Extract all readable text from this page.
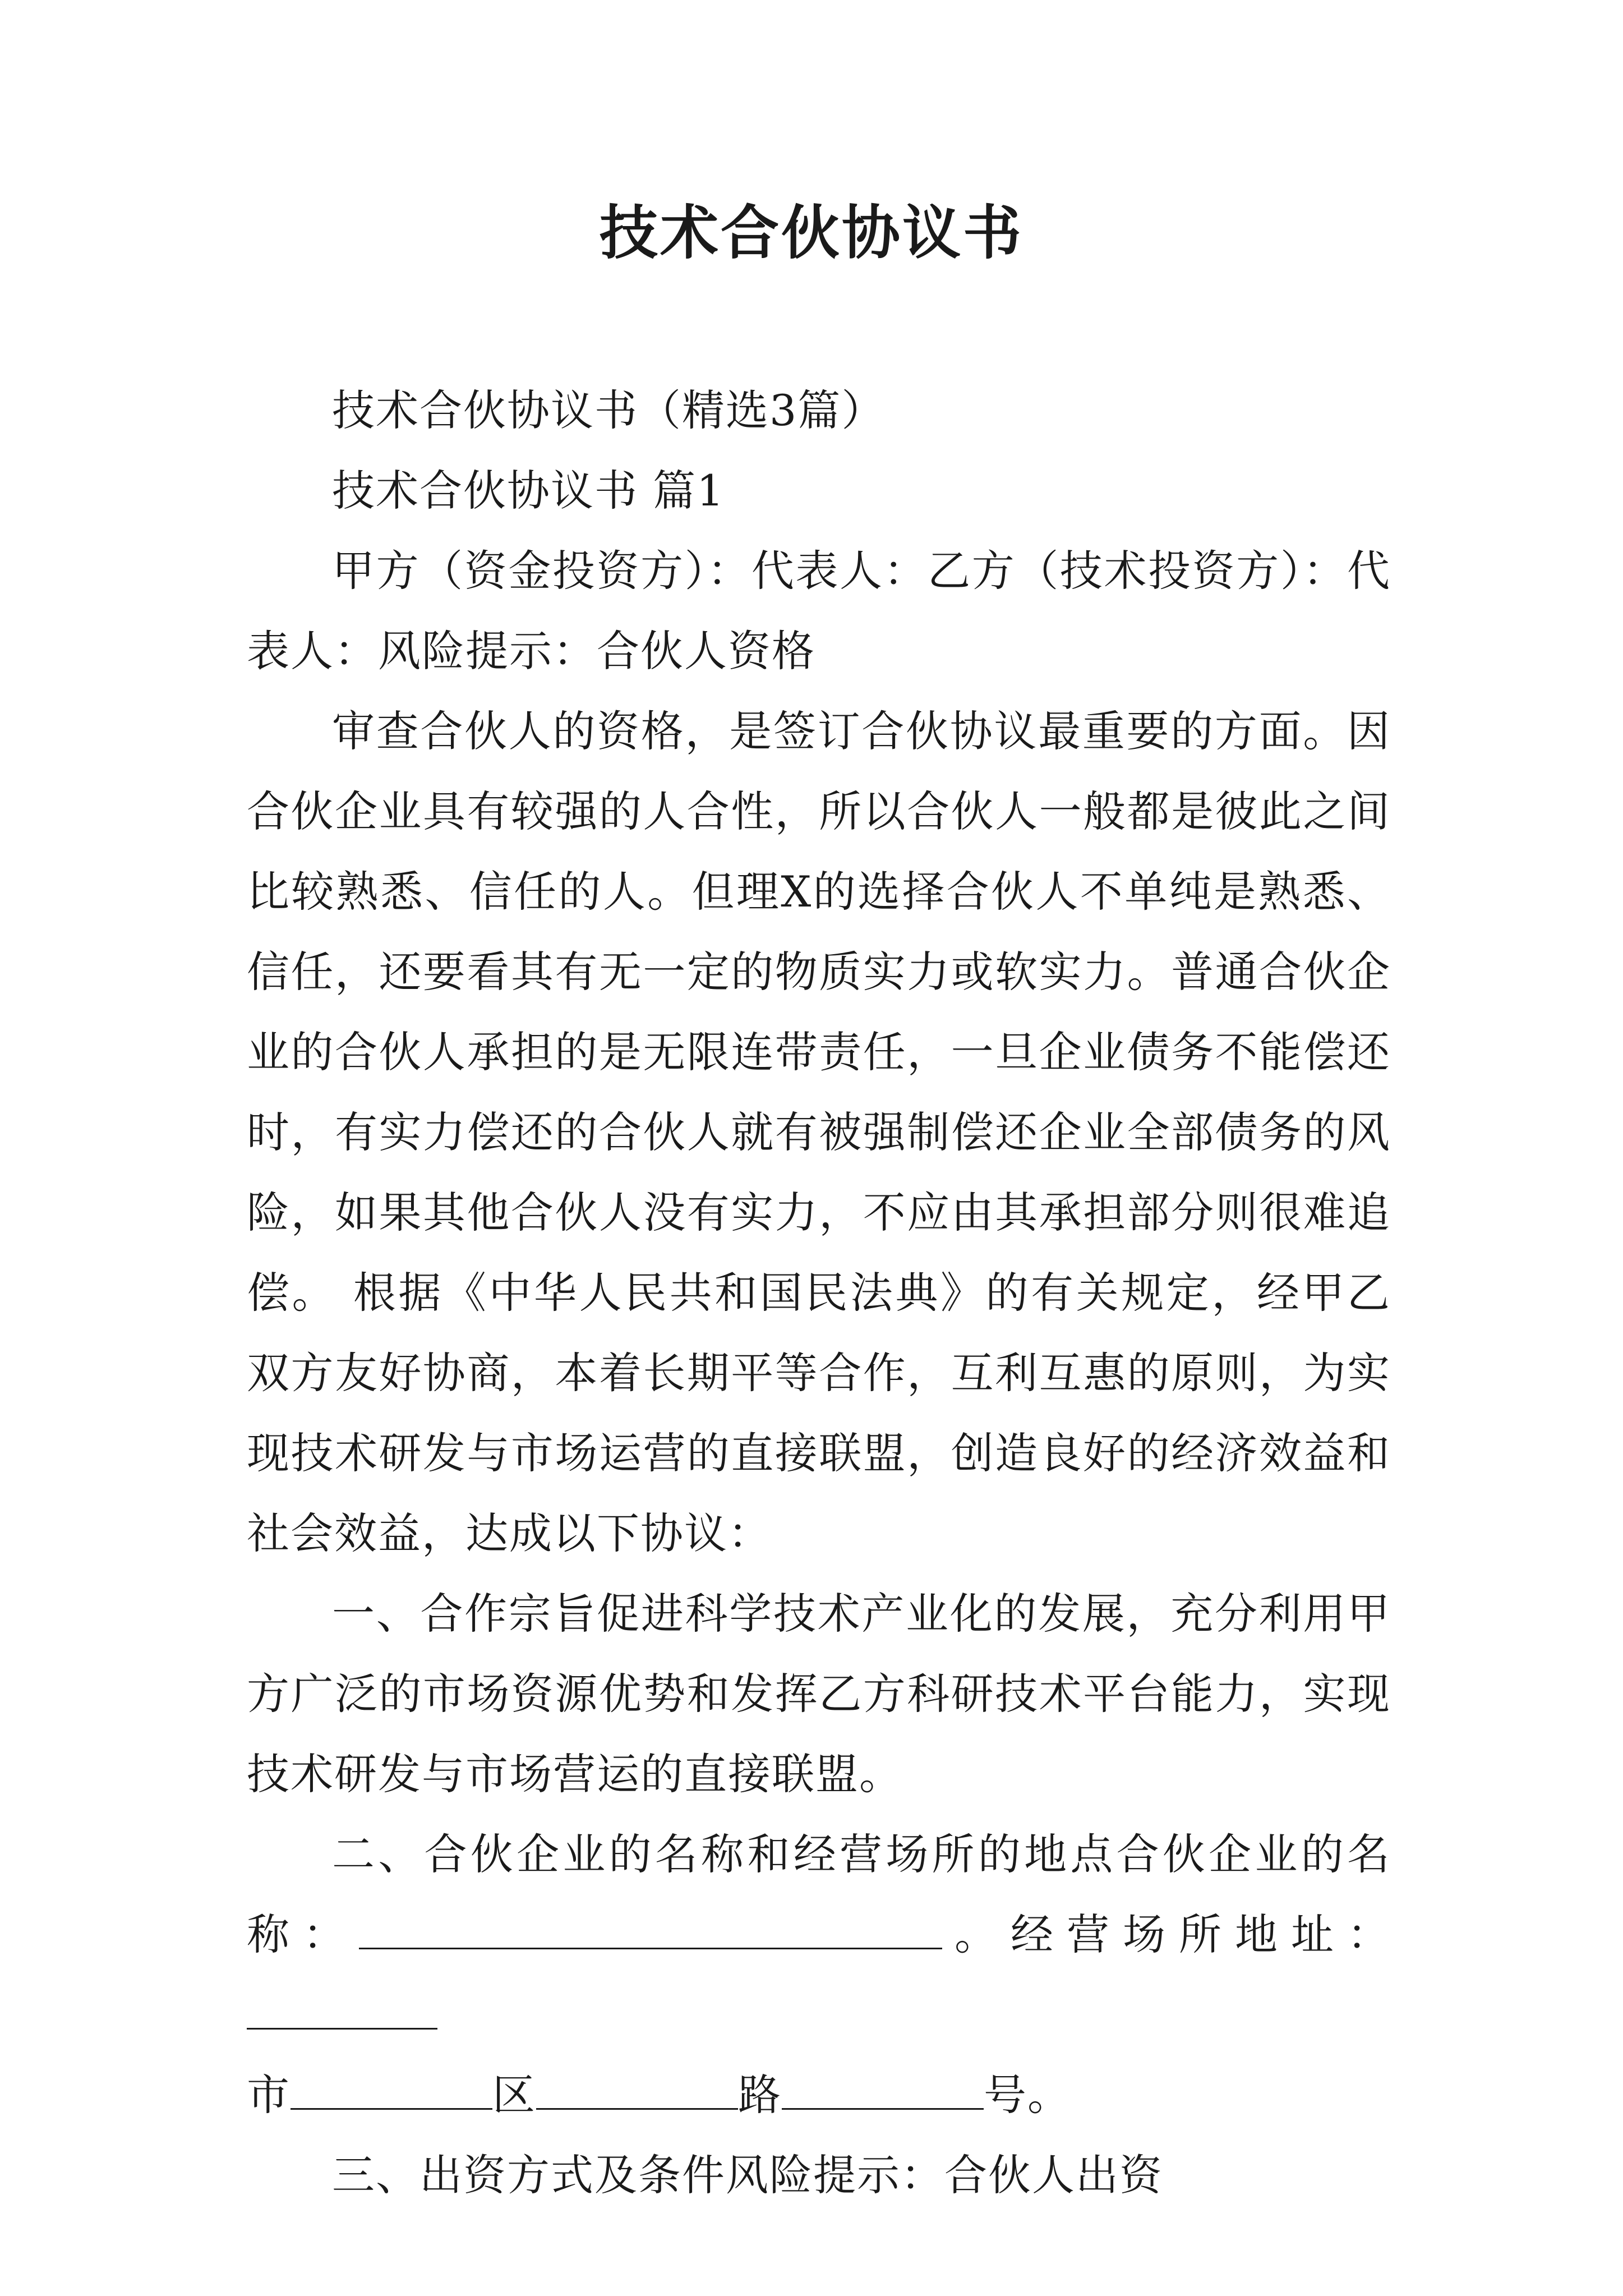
技术合伙协议书

技术合伙协议书（精选3篇）

技术合伙协议书 篇1

甲方（资金投资方）：代表人：乙方（技术投资方）：代表人：风险提示：合伙人资格

审查合伙人的资格，是签订合伙协议最重要的方面。因合伙企业具有较强的人合性，所以合伙人一般都是彼此之间比较熟悉、信任的人。但理X的选择合伙人不单纯是熟悉、信任，还要看其有无一定的物质实力或软实力。普通合伙企业的合伙人承担的是无限连带责任，一旦企业债务不能偿还时，有实力偿还的合伙人就有被强制偿还企业全部债务的风险，如果其他合伙人没有实力，不应由其承担部分则很难追偿。 根据《中华人民共和国民法典》的有关规定，经甲乙双方友好协商，本着长期平等合作，互利互惠的原则，为实现技术研发与市场运营的直接联盟，创造良好的经济效益和社会效益，达成以下协议：

一、合作宗旨促进科学技术产业化的发展，充分利用甲方广泛的市场资源优势和发挥乙方科研技术平台能力，实现技术研发与市场营运的直接联盟。

二、合伙企业的名称和经营场所的地点合伙企业的名称：	。经营场所地址：

市	区	路	号。

三、出资方式及条件风险提示：合伙人出资
